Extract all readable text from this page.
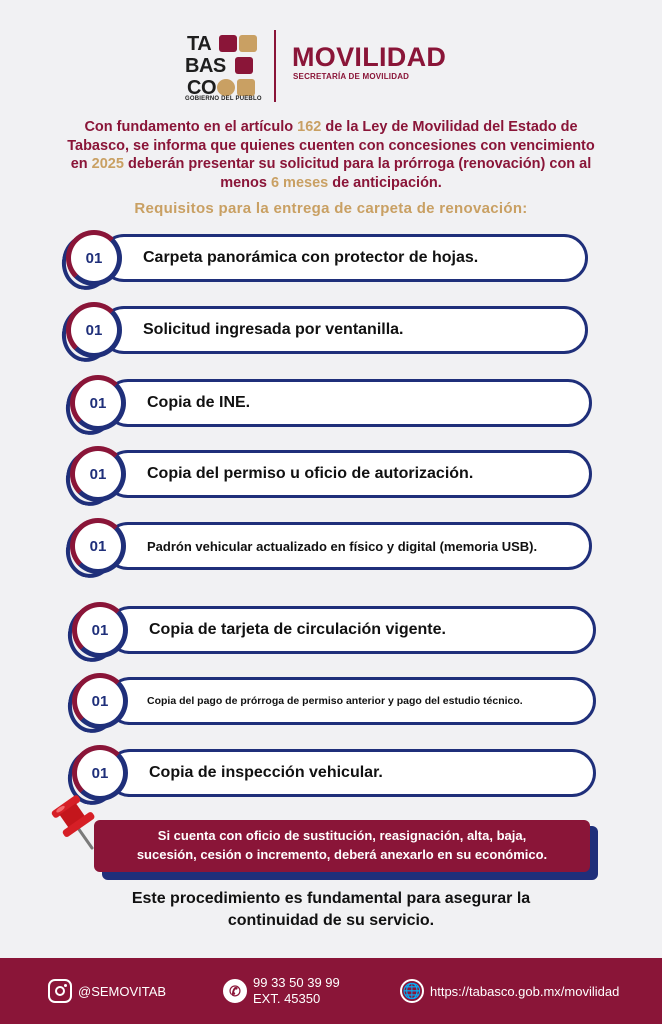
TA
BAS
CO
GOBIERNO DEL PUEBLO
MOVILIDAD
SECRETARÍA DE MOVILIDAD
Con fundamento en el artículo 162 de la Ley de Movilidad del Estado de Tabasco, se informa que quienes cuenten con concesiones con vencimiento en 2025 deberán presentar su solicitud para la prórroga (renovación) con al menos 6 meses de anticipación.
Requisitos para la entrega de carpeta de renovación:
01	Carpeta panorámica con protector de hojas.
01	Solicitud ingresada por ventanilla.
01	Copia de INE.
01	Copia del permiso u oficio de autorización.
01	Padrón vehicular actualizado en físico y digital (memoria USB).
01	Copia de tarjeta de circulación vigente.
01	Copia del pago de prórroga de permiso anterior y pago del estudio técnico.
01	Copia de inspección vehicular.
Si cuenta con oficio de sustitución, reasignación, alta, baja,
sucesión, cesión o incremento, deberá anexarlo en su económico.
Este procedimiento es fundamental para asegurar la
continuidad de su servicio.
@SEMOVITAB	✆ 99 33 50 39 99
EXT. 45350	🌐 https://tabasco.gob.mx/movilidad
